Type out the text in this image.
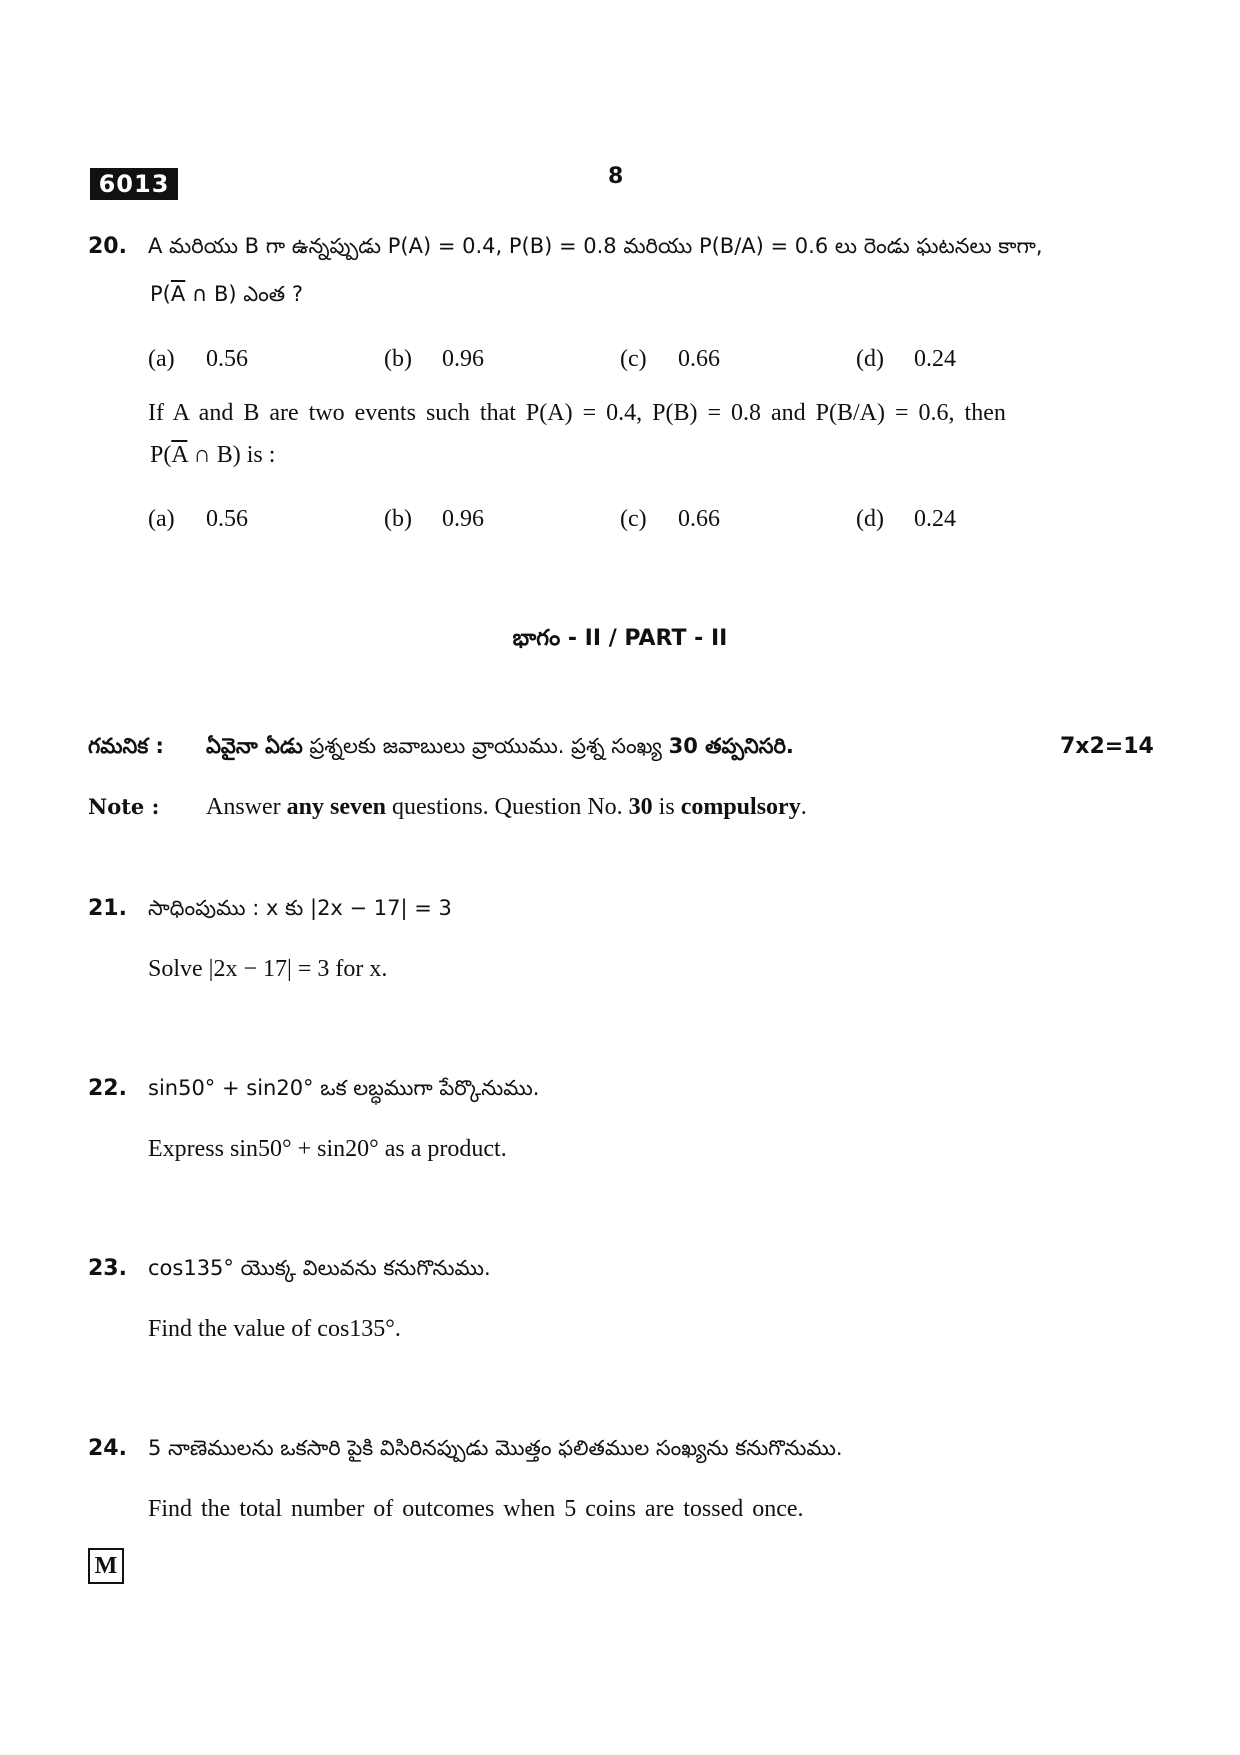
6013	8
20. A మరియు B గా ఉన్నప్పుడు P(A) = 0.4, P(B) = 0.8 మరియు P(B/A) = 0.6 లు రెండు ఘటనలు కాగా,
$P(\overline{A}$ ∩ B) ఎంత ?
(a) 0.56	(b) 0.96	(c) 0.66	(d) 0.24
If A and B are two events such that P(A) = 0.4, P(B) = 0.8 and P(B/A) = 0.6, then
$P(\overline{A}$ ∩ B) is :
(a) 0.56	(b) 0.96	(c) 0.66	(d) 0.24
భాగం - II / PART - II
గమనిక : ఏవైనా ఏడు ప్రశ్నలకు జవాబులు వ్రాయుము. ప్రశ్న సంఖ్య 30 తప్పనిసరి.	7x2=14
Note : Answer any seven questions. Question No. 30 is compulsory.
21. సాధింపుము : x కు |2x − 17| = 3
Solve |2x − 17| = 3 for x.
22. sin50° + sin20° ఒక లబ్ధముగా పేర్కొనుము.
Express sin50° + sin20° as a product.
23. cos135° యొక్క విలువను కనుగొనుము.
Find the value of cos135°.
24. 5 నాణెములను ఒకసారి పైకి విసిరినప్పుడు మొత్తం ఫలితముల సంఖ్యను కనుగొనుము.
Find the total number of outcomes when 5 coins are tossed once.
M
